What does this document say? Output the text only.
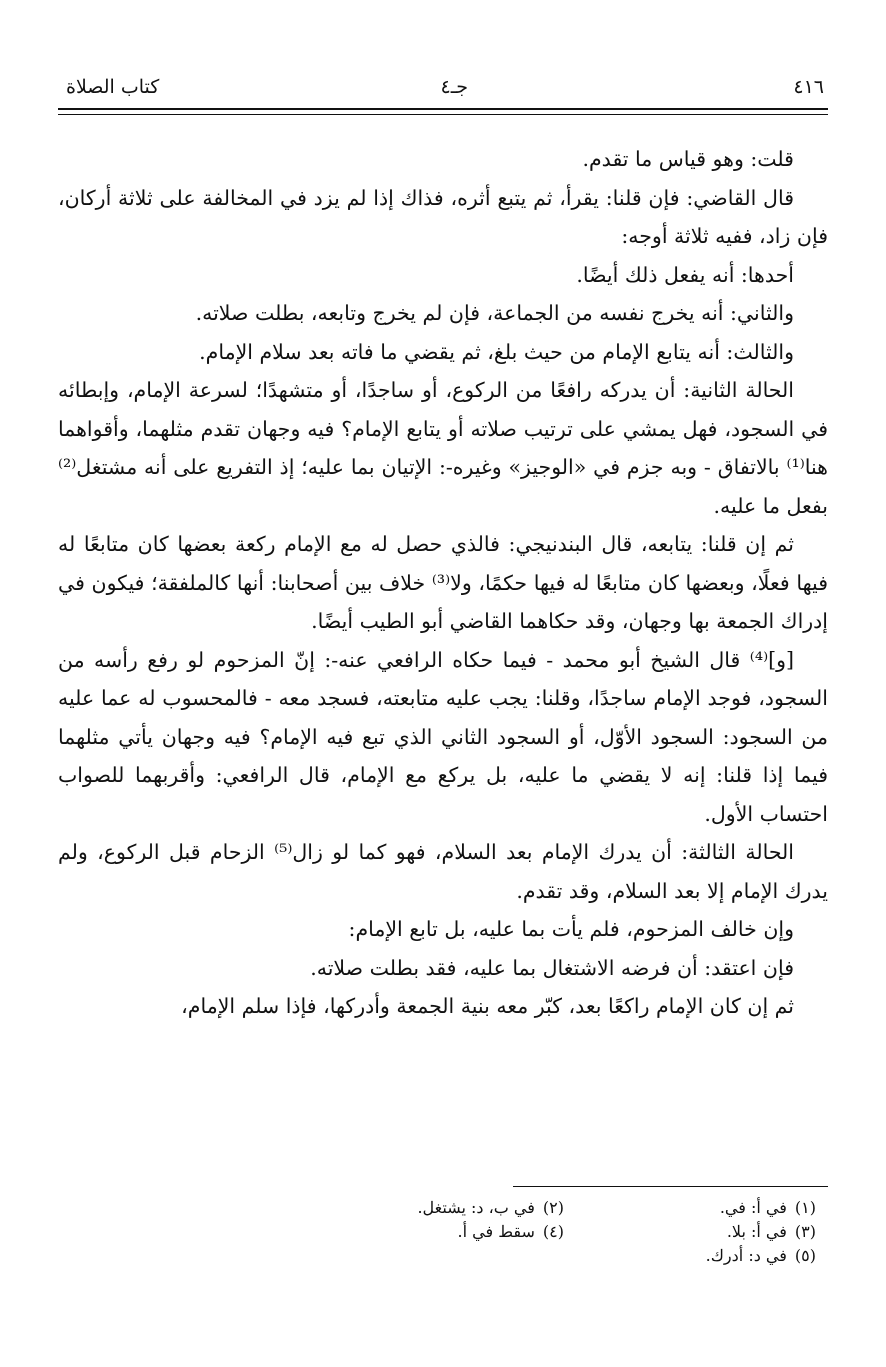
٤١٦
جـ٤
كتاب الصلاة

قلت: وهو قياس ما تقدم.

قال القاضي: فإن قلنا: يقرأ، ثم يتبع أثره، فذاك إذا لم يزد في المخالفة على ثلاثة أركان، فإن زاد، ففيه ثلاثة أوجه:

أحدها: أنه يفعل ذلك أيضًا.

والثاني: أنه يخرج نفسه من الجماعة، فإن لم يخرج وتابعه، بطلت صلاته.

والثالث: أنه يتابع الإمام من حيث بلغ، ثم يقضي ما فاته بعد سلام الإمام.

الحالة الثانية: أن يدركه رافعًا من الركوع، أو ساجدًا، أو متشهدًا؛ لسرعة الإمام، وإبطائه في السجود، فهل يمشي على ترتيب صلاته أو يتابع الإمام؟ فيه وجهان تقدم مثلهما، وأقواهما هنا⁽¹⁾ بالاتفاق - وبه جزم في «الوجيز» وغيره-: الإتيان بما عليه؛ إذ التفريع على أنه مشتغل⁽²⁾ بفعل ما عليه.

ثم إن قلنا: يتابعه، قال البندنيجي: فالذي حصل له مع الإمام ركعة بعضها كان متابعًا له فيها فعلًا، وبعضها كان متابعًا له فيها حكمًا، ولا⁽³⁾ خلاف بين أصحابنا: أنها كالملفقة؛ فيكون في إدراك الجمعة بها وجهان، وقد حكاهما القاضي أبو الطيب أيضًا.

[و]⁽⁴⁾ قال الشيخ أبو محمد - فيما حكاه الرافعي عنه-: إنّ المزحوم لو رفع رأسه من السجود، فوجد الإمام ساجدًا، وقلنا: يجب عليه متابعته، فسجد معه - فالمحسوب له عما عليه من السجود: السجود الأوّل، أو السجود الثاني الذي تبع فيه الإمام؟ فيه وجهان يأتي مثلهما فيما إذا قلنا: إنه لا يقضي ما عليه، بل يركع مع الإمام، قال الرافعي: وأقربهما للصواب احتساب الأول.

الحالة الثالثة: أن يدرك الإمام بعد السلام، فهو كما لو زال⁽⁵⁾ الزحام قبل الركوع، ولم يدرك الإمام إلا بعد السلام، وقد تقدم.

وإن خالف المزحوم، فلم يأت بما عليه، بل تابع الإمام:

فإن اعتقد: أن فرضه الاشتغال بما عليه، فقد بطلت صلاته.

ثم إن كان الإمام راكعًا بعد، كبّر معه بنية الجمعة وأدركها، فإذا سلم الإمام،

(١)في أ: في.
(٢)في ب، د: يشتغل.
(٣)في أ: بلا.
(٤)سقط في أ.
(٥)في د: أدرك.
